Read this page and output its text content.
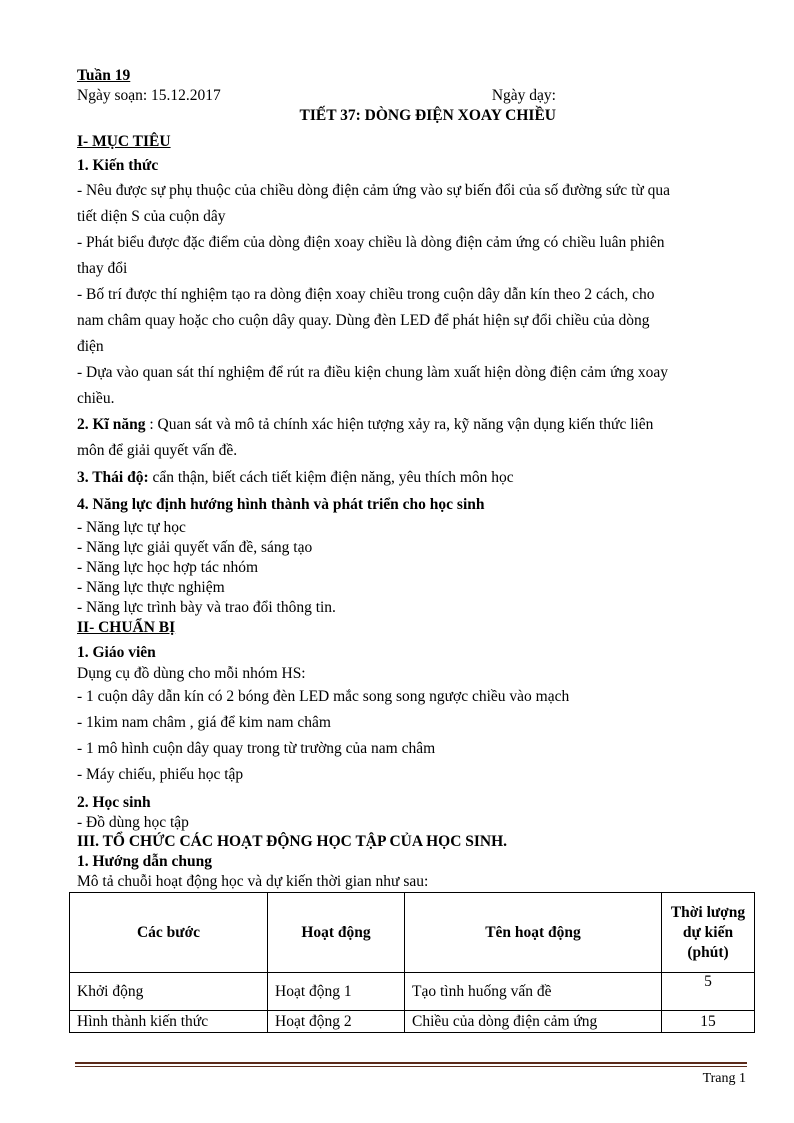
Tuần 19
Ngày soạn: 15.12.2017	Ngày dạy:
TIẾT 37: DÒNG ĐIỆN XOAY CHIỀU
I- MỤC TIÊU
1. Kiến thức
- Nêu được sự phụ thuộc của chiều dòng điện cảm ứng vào sự biến đổi của số đường sức từ qua
tiết diện S của cuộn dây
- Phát biểu được đặc điểm của dòng điện xoay chiều là dòng điện cảm ứng có chiều luân phiên
thay đổi
- Bố trí được thí nghiệm tạo ra dòng điện xoay chiều trong cuộn dây dẫn kín theo 2 cách, cho
nam châm quay hoặc cho cuộn dây quay. Dùng đèn LED để phát hiện sự đổi chiều của dòng
điện
- Dựa vào quan sát thí nghiệm để rút ra điều kiện chung làm xuất hiện dòng điện cảm ứng xoay
chiều.
2. Kĩ năng : Quan sát và mô tả chính xác hiện tượng xảy ra, kỹ năng vận dụng kiến thức liên
môn để giải quyết vấn đề.
3. Thái độ: cẩn thận, biết cách tiết kiệm điện năng, yêu thích môn học
4. Năng lực định hướng hình thành và phát triển cho học sinh
- Năng lực tự học
- Năng lực giải quyết vấn đề, sáng tạo
- Năng lực học hợp tác nhóm
- Năng lực thực nghiệm
- Năng lực trình bày và trao đổi thông tin.
II- CHUẨN BỊ
1. Giáo viên
Dụng cụ đồ dùng cho mỗi nhóm HS:
- 1 cuộn dây dẫn kín có 2 bóng đèn LED mắc song song ngược chiều vào mạch
- 1kim nam châm , giá để kim nam châm
- 1 mô hình cuộn dây quay trong từ trường của nam châm
- Máy chiếu, phiếu học tập
2. Học sinh
- Đồ dùng học tập
III. TỔ CHỨC CÁC HOẠT ĐỘNG HỌC TẬP CỦA HỌC SINH.
1. Hướng dẫn chung
Mô tả chuỗi hoạt động học và dự kiến thời gian như sau:
Các bước	Hoạt động	Tên hoạt động	Thời lượng dự kiến (phút)
Khởi động	Hoạt động 1	Tạo tình huống vấn đề	5
Hình thành kiến thức	Hoạt động 2	Chiều của dòng điện cảm ứng	15
Trang 1
